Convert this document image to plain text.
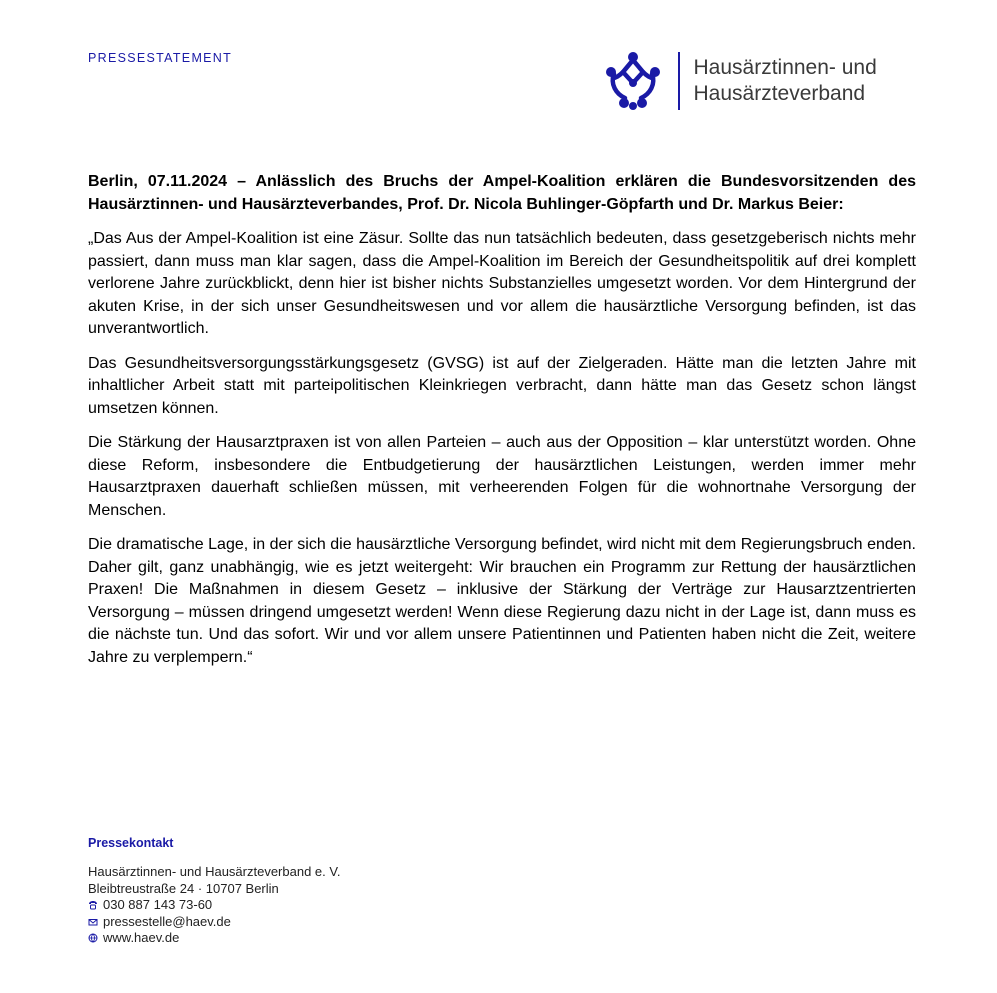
PRESSESTATEMENT	Hausärztinnen- und
Hausärzteverband

Berlin, 07.11.2024 – Anlässlich des Bruchs der Ampel-Koalition erklären die Bundesvorsitzenden des Hausärztinnen- und Hausärzteverbandes, Prof. Dr. Nicola Buhlinger-Göpfarth und Dr. Markus Beier:

„Das Aus der Ampel-Koalition ist eine Zäsur. Sollte das nun tatsächlich bedeuten, dass gesetzgeberisch nichts mehr passiert, dann muss man klar sagen, dass die Ampel-Koalition im Bereich der Gesundheitspolitik auf drei komplett verlorene Jahre zurückblickt, denn hier ist bisher nichts Substanzielles umgesetzt worden. Vor dem Hintergrund der akuten Krise, in der sich unser Gesundheitswesen und vor allem die hausärztliche Versorgung befinden, ist das unverantwortlich.

Das Gesundheitsversorgungsstärkungsgesetz (GVSG) ist auf der Zielgeraden. Hätte man die letzten Jahre mit inhaltlicher Arbeit statt mit parteipolitischen Kleinkriegen verbracht, dann hätte man das Gesetz schon längst umsetzen können.

Die Stärkung der Hausarztpraxen ist von allen Parteien – auch aus der Opposition – klar unterstützt worden. Ohne diese Reform, insbesondere die Entbudgetierung der hausärztlichen Leistungen, werden immer mehr Hausarztpraxen dauerhaft schließen müssen, mit verheerenden Folgen für die wohnortnahe Versorgung der Menschen.

Die dramatische Lage, in der sich die hausärztliche Versorgung befindet, wird nicht mit dem Regierungsbruch enden. Daher gilt, ganz unabhängig, wie es jetzt weitergeht: Wir brauchen ein Programm zur Rettung der hausärztlichen Praxen! Die Maßnahmen in diesem Gesetz – inklusive der Stärkung der Verträge zur Hausarztzentrierten Versorgung – müssen dringend umgesetzt werden! Wenn diese Regierung dazu nicht in der Lage ist, dann muss es die nächste tun. Und das sofort. Wir und vor allem unsere Patientinnen und Patienten haben nicht die Zeit, weitere Jahre zu verplempern.“

Pressekontakt
Hausärztinnen- und Hausärzteverband e. V.
Bleibtreustraße 24 · 10707 Berlin
030 887 143 73-60
pressestelle@haev.de
www.haev.de
